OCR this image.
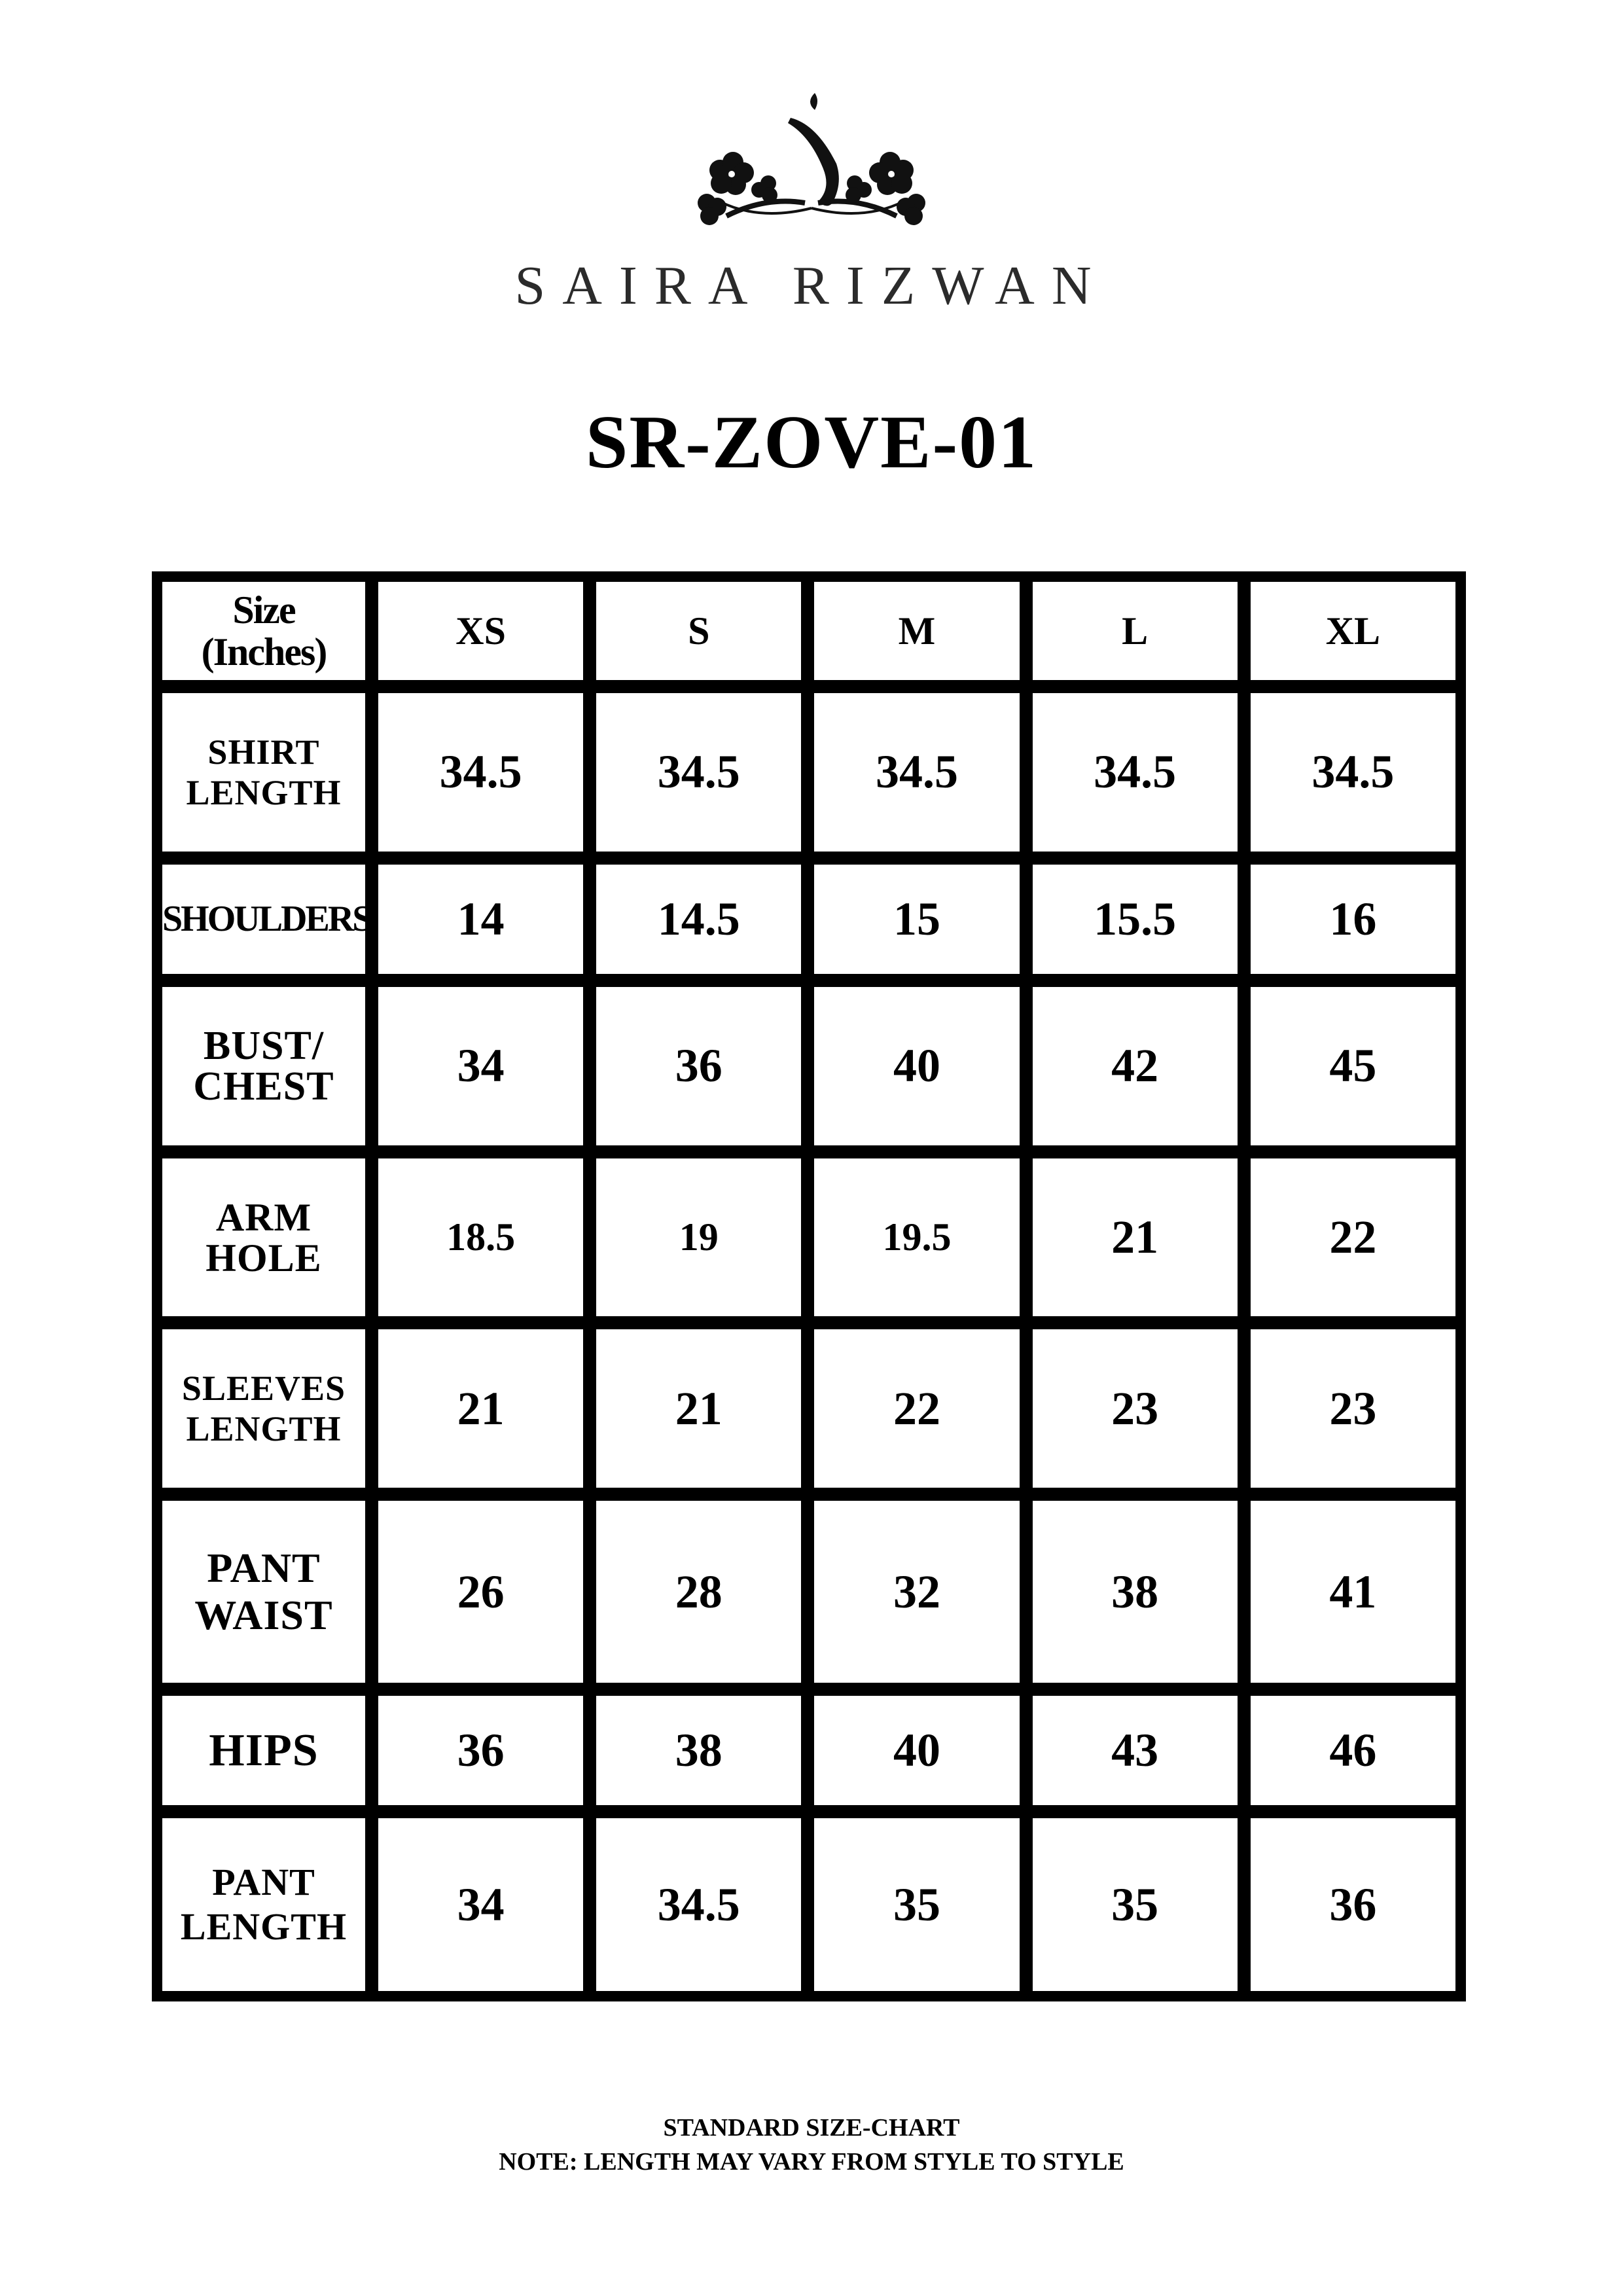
SAIRA RIZWAN
SR-ZOVE-01
Size
(Inches)	XS	S	M	L	XL
SHIRT
LENGTH	34.5	34.5	34.5	34.5	34.5
SHOULDERS	14	14.5	15	15.5	16
BUST/
CHEST	34	36	40	42	45
ARM
HOLE	18.5	19	19.5	21	22
SLEEVES
LENGTH	21	21	22	23	23
PANT
WAIST	26	28	32	38	41
HIPS	36	38	40	43	46
PANT
LENGTH	34	34.5	35	35	36
STANDARD SIZE-CHART
NOTE: LENGTH MAY VARY FROM STYLE TO STYLE
